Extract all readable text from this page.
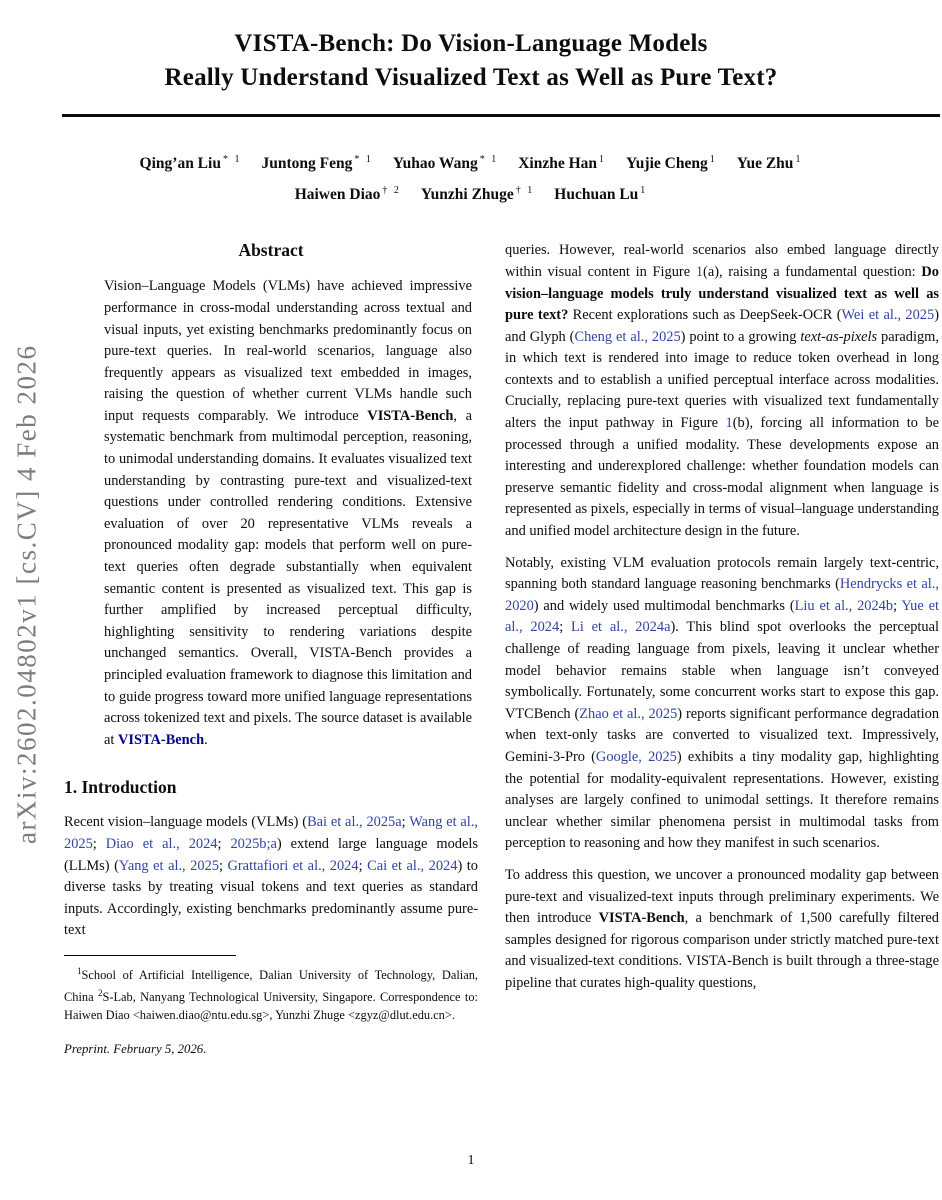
arXiv:2602.04802v1 [cs.CV] 4 Feb 2026
VISTA-Bench: Do Vision-Language Models
Really Understand Visualized Text as Well as Pure Text?
Qing’an Liu $^{* 1}$ Juntong Feng $^{* 1}$ Yuhao Wang $^{* 1}$ Xinzhe Han $^1$ Yujie Cheng $^1$ Yue Zhu $^1$
Haiwen Diao $^{\dagger 2}$ Yunzhi Zhuge $^{\dagger 1}$ Huchuan Lu $^1$
Abstract
Vision–Language Models (VLMs) have achieved impressive performance in cross-modal understanding across textual and visual inputs, yet existing benchmarks predominantly focus on pure-text queries. In real-world scenarios, language also frequently appears as visualized text embedded in images, raising the question of whether current VLMs handle such input requests comparably. We introduce VISTA-Bench, a systematic benchmark from multimodal perception, reasoning, to unimodal understanding domains. It evaluates visualized text understanding by contrasting pure-text and visualized-text questions under controlled rendering conditions. Extensive evaluation of over 20 representative VLMs reveals a pronounced modality gap: models that perform well on pure-text queries often degrade substantially when equivalent semantic content is presented as visualized text. This gap is further amplified by increased perceptual difficulty, highlighting sensitivity to rendering variations despite unchanged semantics. Overall, VISTA-Bench provides a principled evaluation framework to diagnose this limitation and to guide progress toward more unified language representations across tokenized text and pixels. The source dataset is available at VISTA-Bench.
1. Introduction
Recent vision–language models (VLMs) (Bai et al., 2025a; Wang et al., 2025; Diao et al., 2024; 2025b;a) extend large language models (LLMs) (Yang et al., 2025; Grattafiori et al., 2024; Cai et al., 2024) to diverse tasks by treating visual tokens and text queries as standard inputs. Accordingly, existing benchmarks predominantly assume pure-text
$^1$School of Artificial Intelligence, Dalian University of Technology, Dalian, China $^2$S-Lab, Nanyang Technological University, Singapore. Correspondence to: Haiwen Diao <haiwen.diao@ntu.edu.sg>, Yunzhi Zhuge <zgyz@dlut.edu.cn>.
Preprint. February 5, 2026.
queries. However, real-world scenarios also embed language directly within visual content in Figure 1(a), raising a fundamental question: Do vision–language models truly understand visualized text as well as pure text? Recent explorations such as DeepSeek-OCR (Wei et al., 2025) and Glyph (Cheng et al., 2025) point to a growing text-as-pixels paradigm, in which text is rendered into image to reduce token overhead in long contexts and to establish a unified perceptual interface across modalities. Crucially, replacing pure-text queries with visualized text fundamentally alters the input pathway in Figure 1(b), forcing all information to be processed through a unified modality. These developments expose an interesting and underexplored challenge: whether foundation models can preserve semantic fidelity and cross-modal alignment when language is represented as pixels, especially in terms of visual–language understanding and unified model architecture design in the future.
Notably, existing VLM evaluation protocols remain largely text-centric, spanning both standard language reasoning benchmarks (Hendrycks et al., 2020) and widely used multimodal benchmarks (Liu et al., 2024b; Yue et al., 2024; Li et al., 2024a). This blind spot overlooks the perceptual challenge of reading language from pixels, leaving it unclear whether model behavior remains stable when language isn’t conveyed symbolically. Fortunately, some concurrent works start to expose this gap. VTCBench (Zhao et al., 2025) reports significant performance degradation when text-only tasks are converted to visualized text. Impressively, Gemini-3-Pro (Google, 2025) exhibits a tiny modality gap, highlighting the potential for modality-equivalent representations. However, existing analyses are largely confined to unimodal settings. It therefore remains unclear whether similar phenomena persist in multimodal tasks from perception to reasoning and how they manifest in such scenarios.
To address this question, we uncover a pronounced modality gap between pure-text and visualized-text inputs through preliminary experiments. We then introduce VISTA-Bench, a benchmark of 1,500 carefully filtered samples designed for rigorous comparison under strictly matched pure-text and visualized-text conditions. VISTA-Bench is built through a three-stage pipeline that curates high-quality questions,
1
